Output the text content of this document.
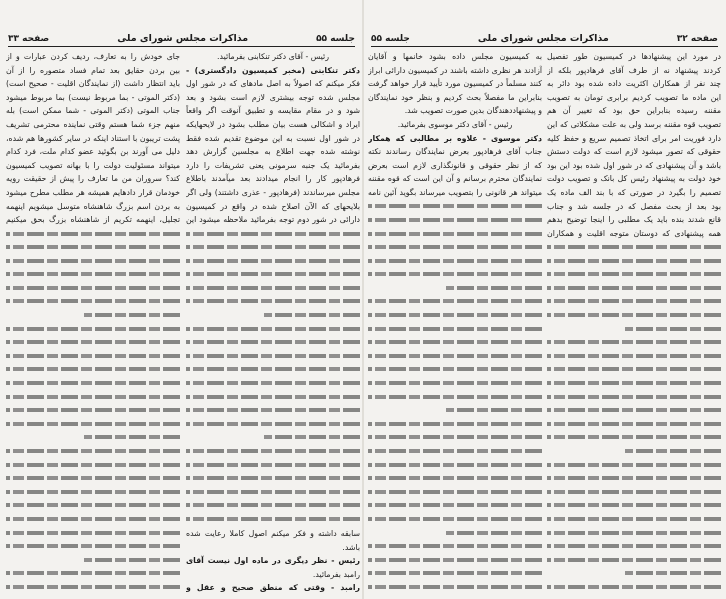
صفحه ۳۳	مذاکرات مجلس شورای ملی	جلسه ۵۵
رئیس - آقای دکتر تنکابنی بفرمائید.
دکتر تنکابنی (مخبر کمیسیون دادگستری) -
فکر میکنم که اصولاً به اصل مادهای که در شور اول
مجلس شده توجه بیشتری لازم است بشود و بعد
شود و در مقام مقایسه و تطبیق آنوقت اگر واقعاً
ایراد و اشکالی هست بیان مطلب بشود در لایحهایکه
در شور اول نسبت به این موضوع تقدیم شده فقط
نوشته شده جهت اطلاع به مجلسین گزارش دهد
بفرمائید یک جنبه سرمونی یعنی تشریفات را دارد
فرهادپور کار را انجام میدادند بعد میآمدند باطلاع
مجلس میرساندند (فرهادپور - عذری داشتند) ولی اگر
بلایحهای که الآن اصلاح شده در واقع در کمیسیون
دارائی در شور دوم توجه بفرمائید ملاحظه میشود این
سابقه داشته و فکر میکنم اصول کاملا رعایت شده
باشد.
رئیس - نظر دیگری در ماده اول نیست آقای
رامبد بفرمائید.
رامبد - وقتی که منطق صحیح و عقل و
جای خودش را به تعارف، ردیف کردن عبارات و از
بین بردن حقایق بعد تمام فساد متصوره را از آن
باید انتظار داشت (از نمایندگان اقلیت - صحیح است)
(دکتر الموتی - بما مربوط نیست) بما مربوط میشود
جناب الموتی (دکتر الموتی - شما ممکن است) بله
منهم جزء شما هستم وقتی نماینده محترمی تشریف
پشت تریبون با استناد اینکه در سایر کشورها هم شده،
دلیل می آورند بن بگوئید عضو کدام ملت، فرد کدام
میتواند مسئولیت دولت را با بهانه تصویب کمیسیون
کند؟ سروران من ما تعارف را پیش از حقیقت رویه
خودمان قرار دادهایم همیشه هر مطلب مطرح میشود
به بردن اسم بزرگ شاهنشاه متوسل میشویم اینهمه
تجلیل، اینهمه تکریم از شاهنشاه بزرگ بحق میکنیم
جلسه ۵۵	مذاکرات مجلس شورای ملی	صفحه ۳۲
در مورد این پیشنهادها در کمیسیون طور تفصیل
کردند پیشنهاد نه از طرف آقای فرهادپور بلکه از
چند نفر از همکاران اکثریت داده شده بود دائر به
این ماده ما تصویب کردیم برابری تومان به تصویب
مقننه رسیده بنابراین حق بود که تغییر آن هم
تصویب قوه مقننه برسد ولی به علت مشکلاتی که این
دارد فوریت امر برای اتخاذ تصمیم سریع و حفظ کلیه
حقوقی که تصور میشود لازم است که دولت دستش
باشد و آن پیشنهادی که در شور اول شده بود این بود
خود دولت به پیشنهاد رئیس کل بانک و تصویب دولت
تصمیم را بگیرد در صورتی که با بند الف ماده یک
بود بعد از بحث مفصل که در جلسه شد و جناب
قانع شدند بنده باید یک مطلبی را اینجا توضیح بدهم
همه پیشنهادی که دوستان متوجه اقلیت و همکاران
به کمیسیون مجلس داده بشود خانمها و آقایان
آزادند هر نظری داشته باشند در کمیسیون دارائی ابراز
کنند مسلماً در کمیسیون مورد تأیید قرار خواهد گرفت
بنابراین ما مفصلاً بحث کردیم و بنظر خود نمایندگان
و پیشنهاددهندگان بدین صورت تصویب شد.
رئیس - آقای دکتر موسوی بفرمائید.
دکتر موسوی - علاوه بر مطالبی که همکار
جناب آقای فرهادپور بعرض نمایندگان رساندند نکته
که از نظر حقوقی و قانونگذاری لازم است بعرض
نمایندگان محترم برسانم و آن این است که قوه مقننه
میتواند هر قانونی را بتصویب میرساند بگوید آئین نامه
